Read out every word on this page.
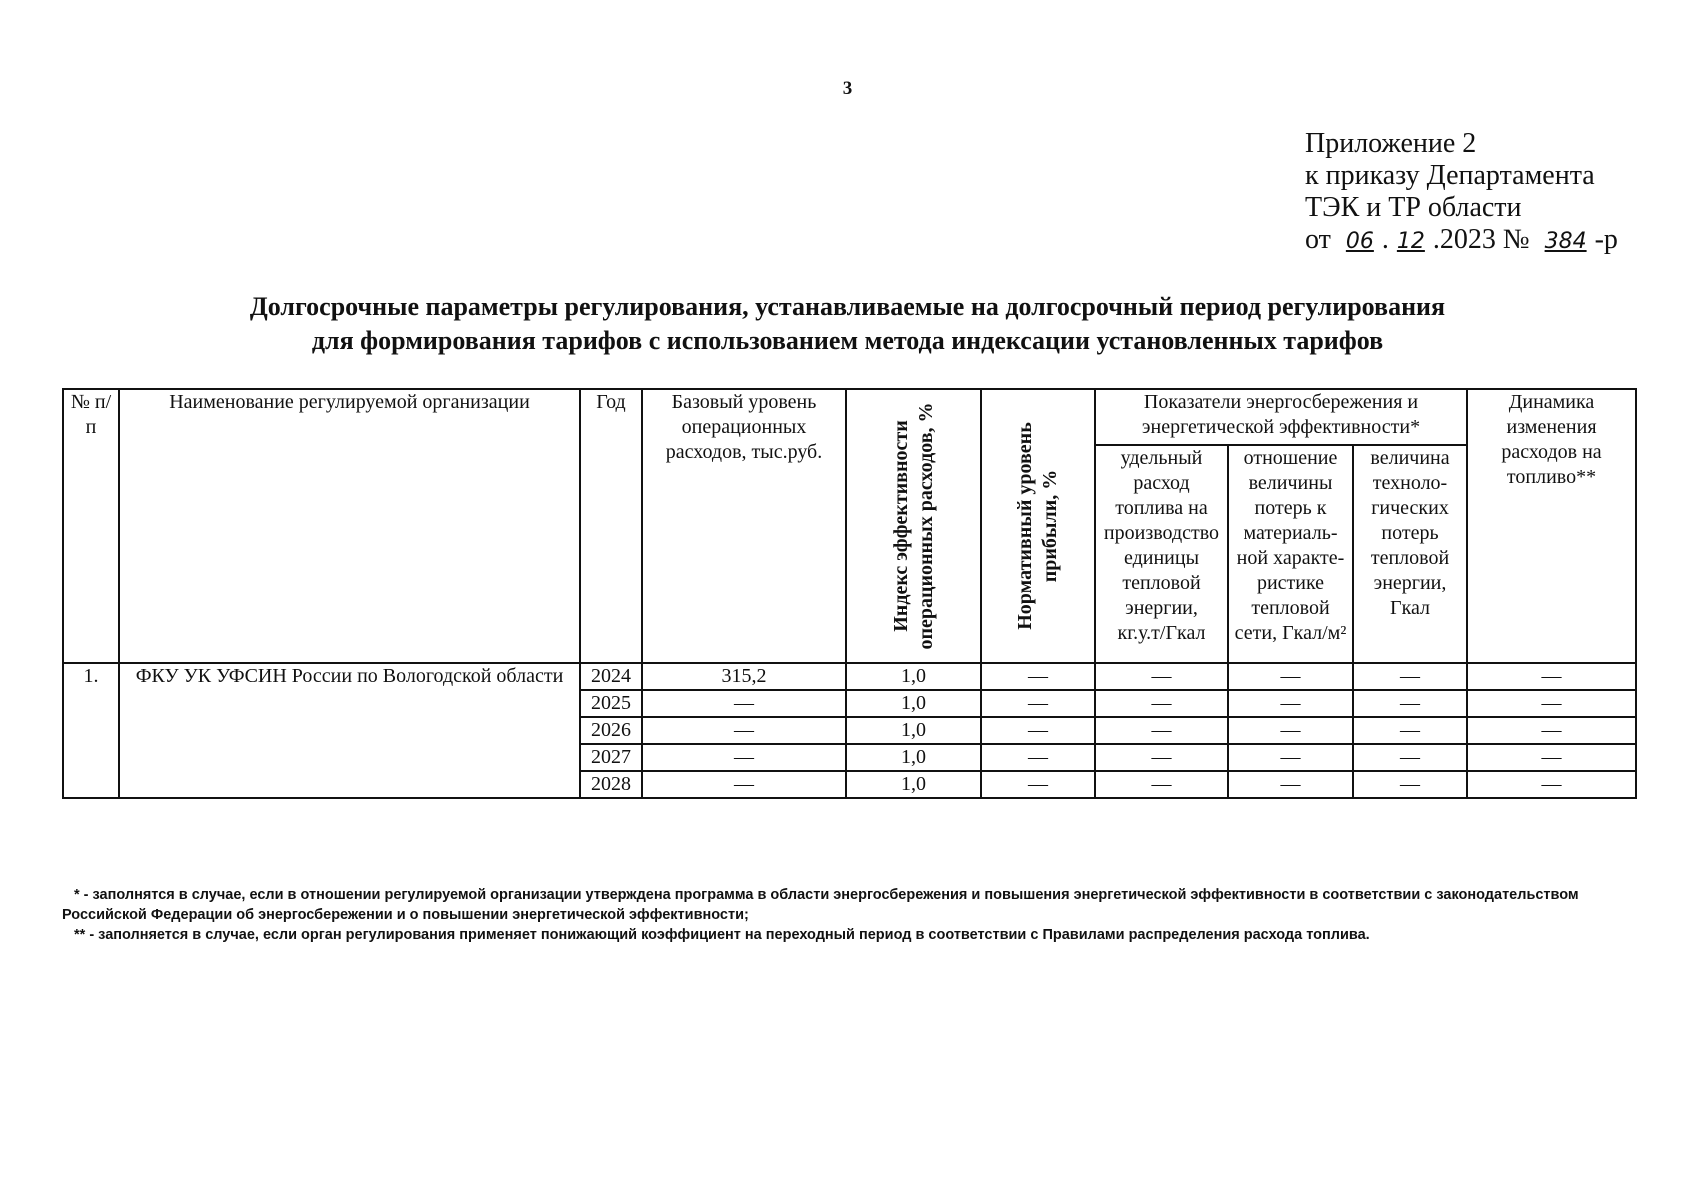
3
Приложение 2
к приказу Департамента
ТЭК и ТР области
от 06 . 12 .2023 № 384 -р
Долгосрочные параметры регулирования, устанавливаемые на долгосрочный период регулирования
для формирования тарифов с использованием метода индексации установленных тарифов
№ п/п	Наименование регулируемой организации	Год	Базовый уровень операционных расходов, тыс.руб.	Индекс эффективности операционных расходов, %	Нормативный уровень прибыли, %	Показатели энергосбережения и энергетической эффективности*			Динамика изменения расходов на топливо**
						удельный расход топлива на производство единицы тепловой энергии, кг.у.т/Гкал	отношение величины потерь к материаль-ной характе-ристике тепловой сети, Гкал/м²	величина техноло-гических потерь тепловой энергии, Гкал	
1.	ФКУ УК УФСИН России по Вологодской области	2024	315,2	1,0	—	—	—	—	—
		2025	—	1,0	—	—	—	—	—
		2026	—	1,0	—	—	—	—	—
		2027	—	1,0	—	—	—	—	—
		2028	—	1,0	—	—	—	—	—
* - заполнятся в случае, если в отношении регулируемой организации утверждена программа в области энергосбережения и повышения энергетической эффективности в соответствии с законодательством Российской Федерации об энергосбережении и о повышении энергетической эффективности;
** - заполняется в случае, если орган регулирования применяет понижающий коэффициент на переходный период в соответствии с Правилами распределения расхода топлива.
